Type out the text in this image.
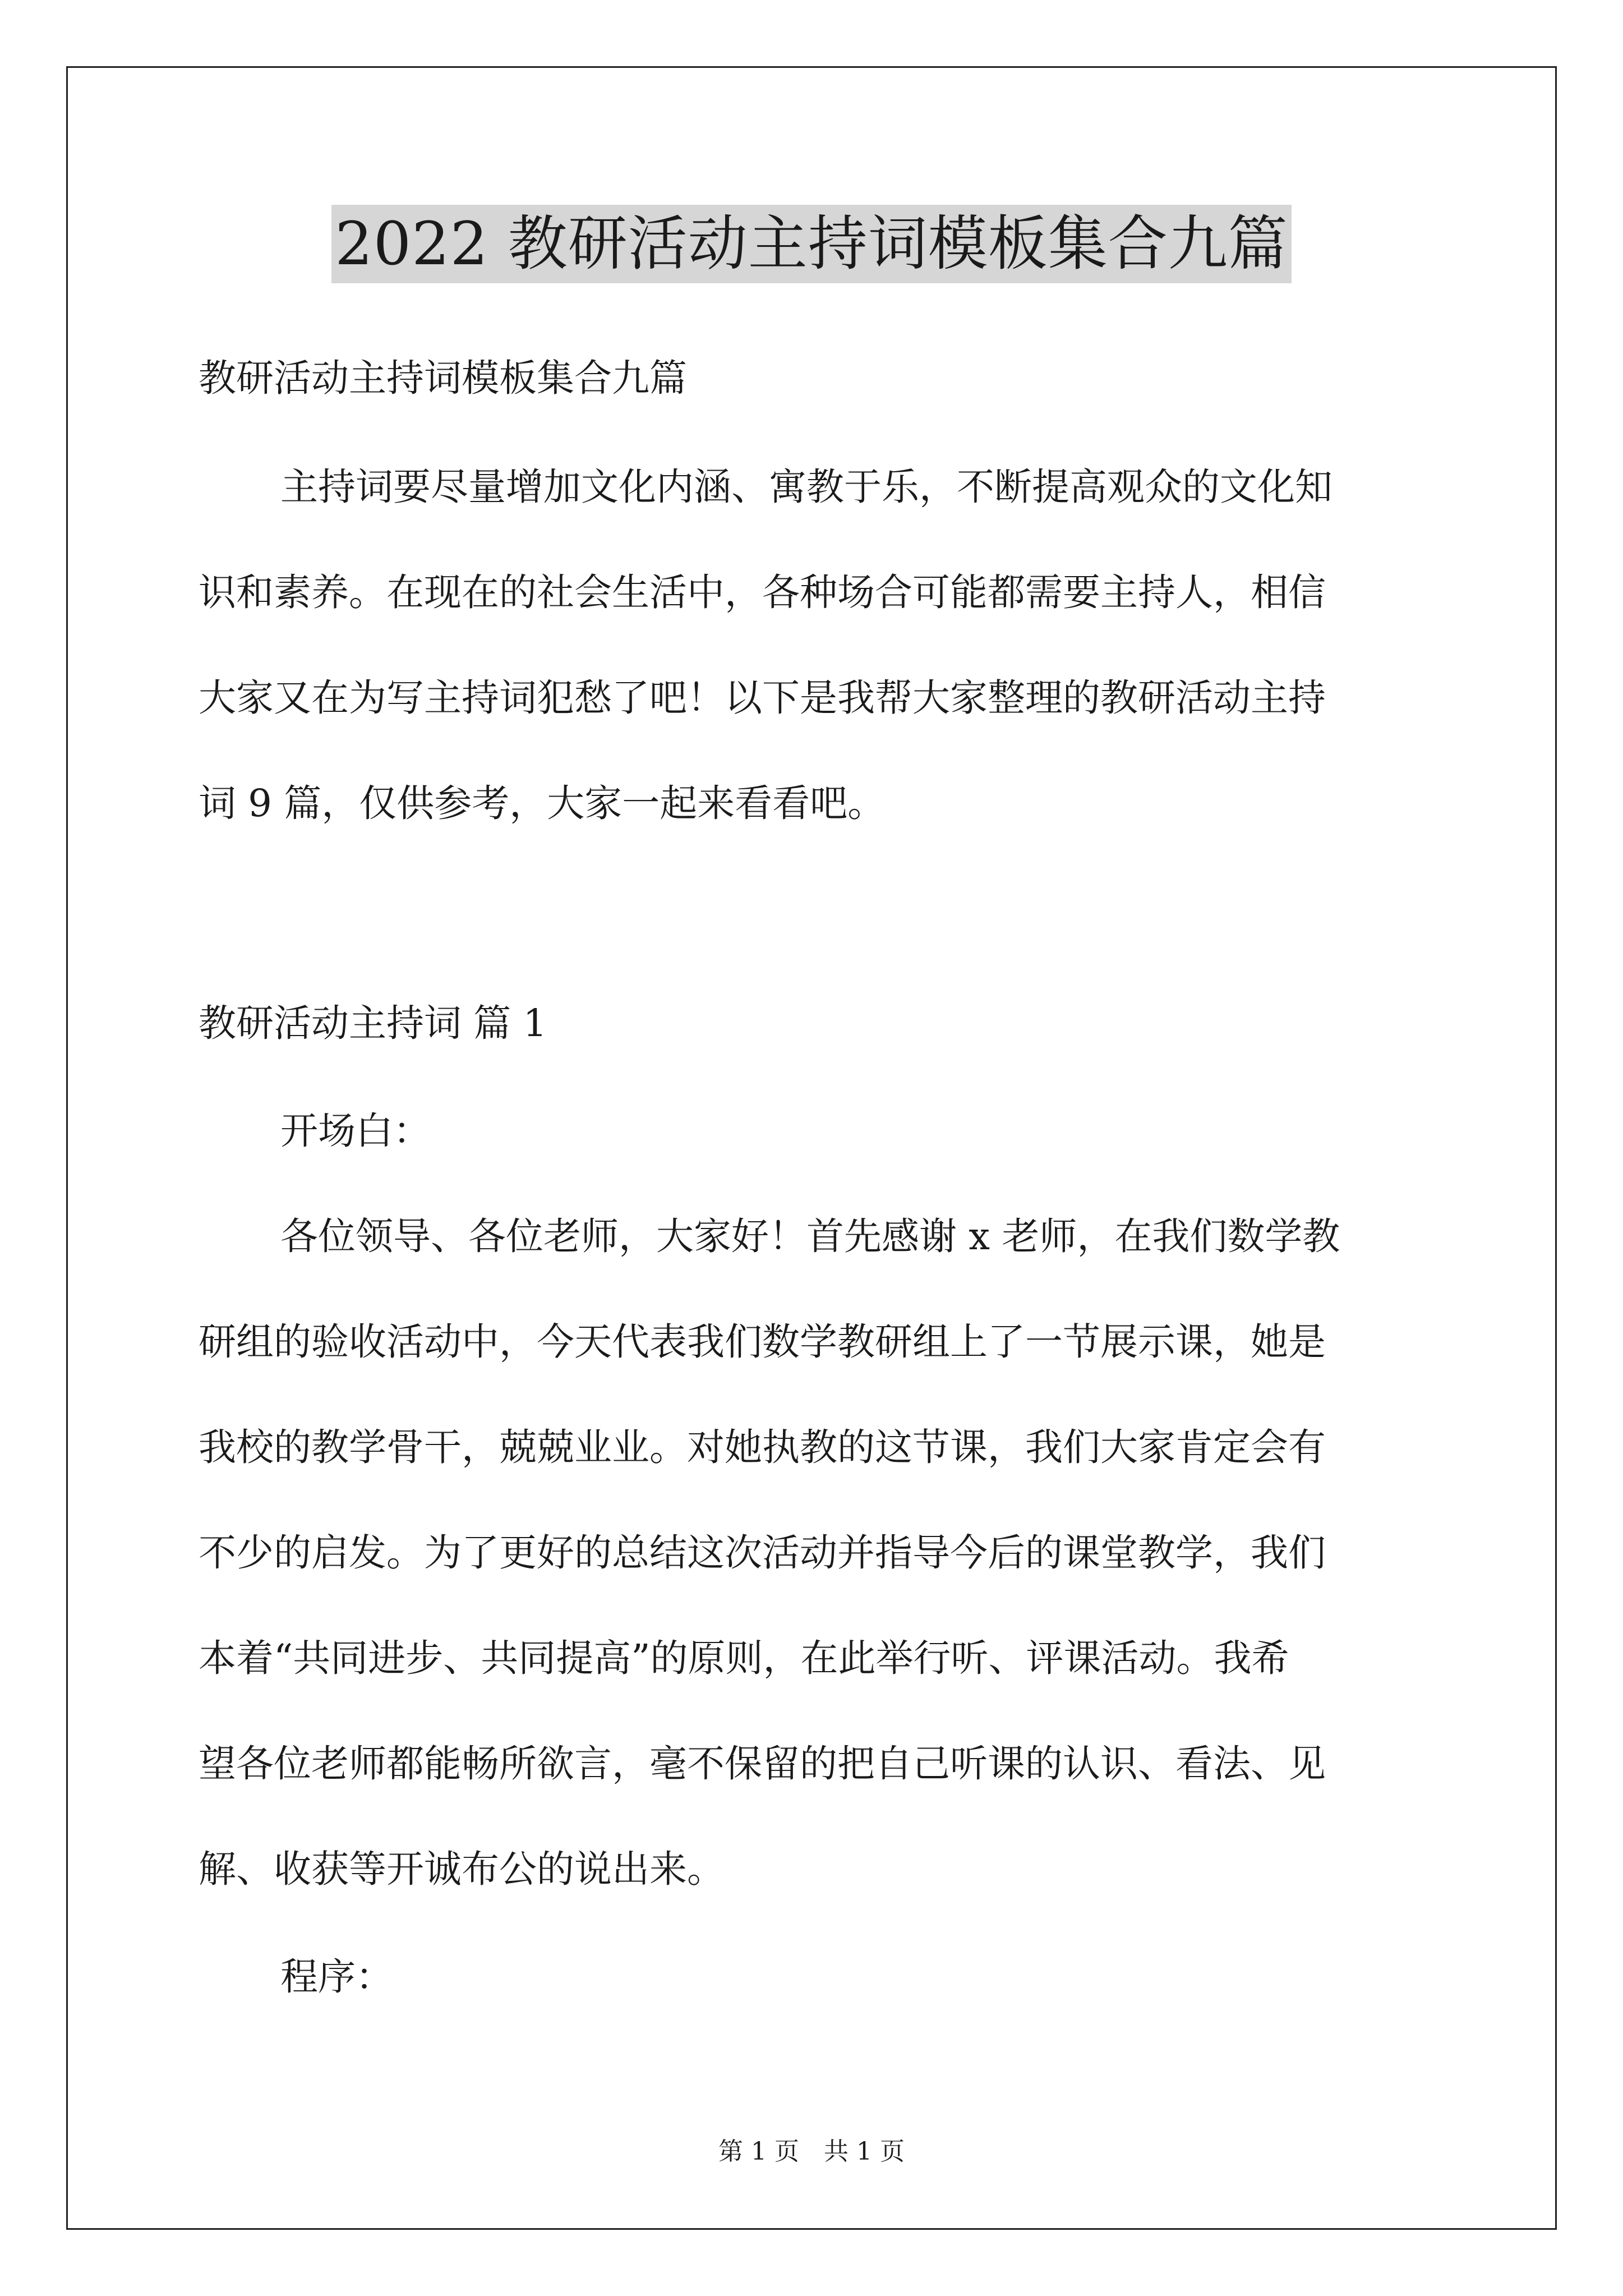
2022 教研活动主持词模板集合九篇

教研活动主持词模板集合九篇

主持词要尽量增加文化内涵、寓教于乐，不断提高观众的文化知

识和素养。在现在的社会生活中，各种场合可能都需要主持人，相信

大家又在为写主持词犯愁了吧！以下是我帮大家整理的教研活动主持

词 9 篇，仅供参考，大家一起来看看吧。

教研活动主持词 篇 1

开场白：

各位领导、各位老师，大家好！首先感谢 x 老师，在我们数学教

研组的验收活动中，今天代表我们数学教研组上了一节展示课，她是

我校的教学骨干，兢兢业业。对她执教的这节课，我们大家肯定会有

不少的启发。为了更好的总结这次活动并指导今后的课堂教学，我们

本着“共同进步、共同提高”的原则，在此举行听、评课活动。我希

望各位老师都能畅所欲言，毫不保留的把自己听课的认识、看法、见

解、收获等开诚布公的说出来。

程序：

第 1 页　共 1 页
